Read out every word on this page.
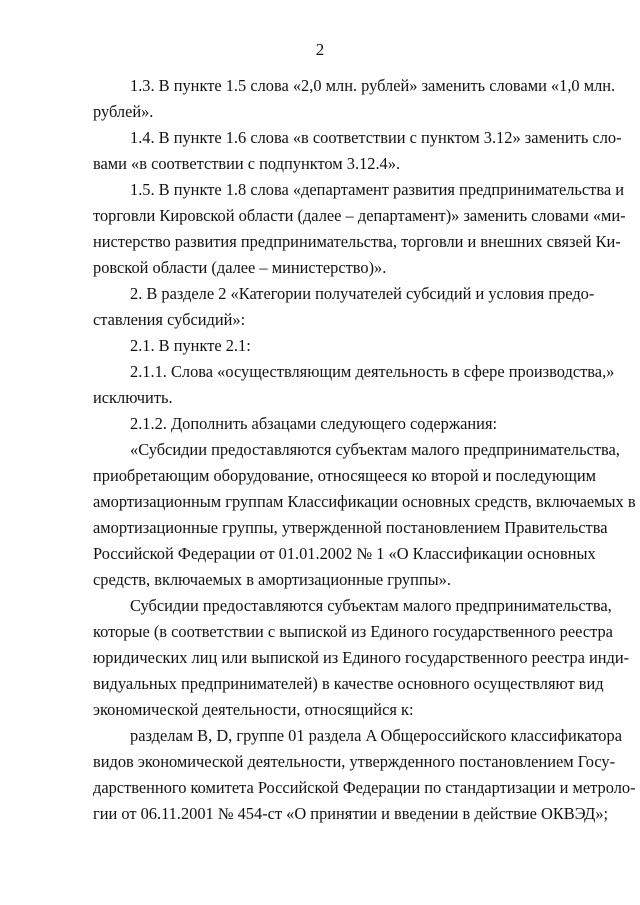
2
1.3. В пункте 1.5 слова «2,0 млн. рублей» заменить словами «1,0 млн.
рублей».
1.4. В пункте 1.6 слова «в соответствии с пунктом 3.12» заменить сло-
вами «в соответствии с подпунктом 3.12.4».
1.5. В пункте 1.8 слова «департамент развития предпринимательства и
торговли Кировской области (далее – департамент)» заменить словами «ми-
нистерство развития предпринимательства, торговли и внешних связей Ки-
ровской области (далее – министерство)».
2. В разделе 2 «Категории получателей субсидий и условия предо-
ставления субсидий»:
2.1. В пункте 2.1:
2.1.1. Слова «осуществляющим деятельность в сфере производства,»
исключить.
2.1.2. Дополнить абзацами следующего содержания:
«Субсидии предоставляются субъектам малого предпринимательства,
приобретающим оборудование, относящееся ко второй и последующим
амортизационным группам Классификации основных средств, включаемых в
амортизационные группы, утвержденной постановлением Правительства
Российской Федерации от 01.01.2002 № 1 «О Классификации основных
средств, включаемых в амортизационные группы».
Субсидии предоставляются субъектам малого предпринимательства,
которые (в соответствии с выпиской из Единого государственного реестра
юридических лиц или выпиской из Единого государственного реестра инди-
видуальных предпринимателей) в качестве основного осуществляют вид
экономической деятельности, относящийся к:
разделам B, D, группе 01 раздела A Общероссийского классификатора
видов экономической деятельности, утвержденного постановлением Госу-
дарственного комитета Российской Федерации по стандартизации и метроло-
гии от 06.11.2001 № 454-ст «О принятии и введении в действие ОКВЭД»;
